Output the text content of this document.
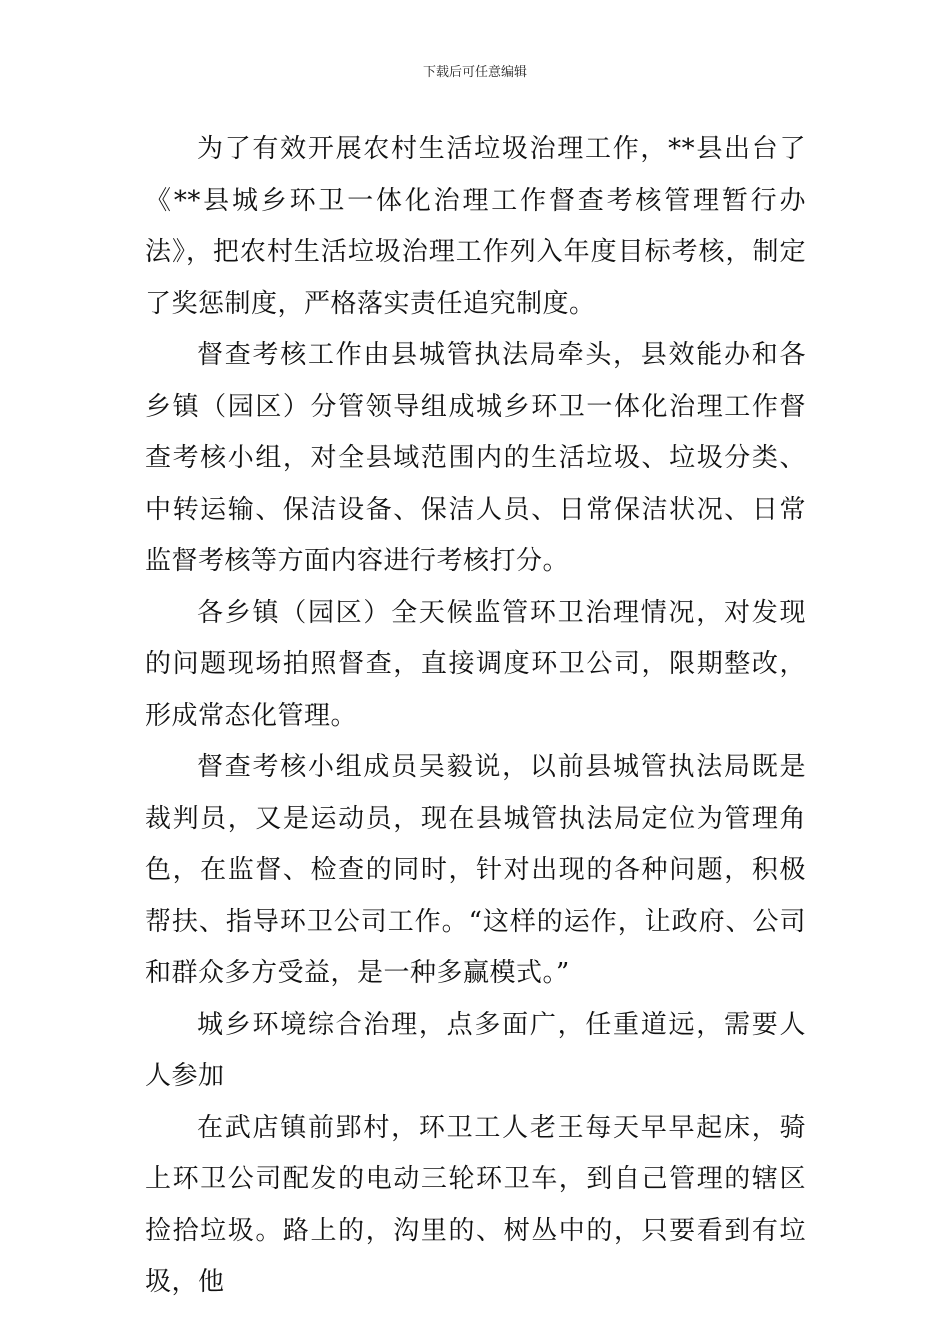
下载后可任意编辑

为了有效开展农村生活垃圾治理工作，**县出台了《**县城乡环卫一体化治理工作督查考核管理暂行办法》，把农村生活垃圾治理工作列入年度目标考核，制定了奖惩制度，严格落实责任追究制度。

督查考核工作由县城管执法局牵头，县效能办和各乡镇（园区）分管领导组成城乡环卫一体化治理工作督查考核小组，对全县域范围内的生活垃圾、垃圾分类、中转运输、保洁设备、保洁人员、日常保洁状况、日常监督考核等方面内容进行考核打分。

各乡镇（园区）全天候监管环卫治理情况，对发现的问题现场拍照督查，直接调度环卫公司，限期整改，形成常态化管理。

督查考核小组成员吴毅说，以前县城管执法局既是裁判员，又是运动员，现在县城管执法局定位为管理角色，在监督、检查的同时，针对出现的各种问题，积极帮扶、指导环卫公司工作。“这样的运作，让政府、公司和群众多方受益，是一种多赢模式。”

城乡环境综合治理，点多面广，任重道远，需要人人参加

在武店镇前郢村，环卫工人老王每天早早起床，骑上环卫公司配发的电动三轮环卫车，到自己管理的辖区捡拾垃圾。路上的，沟里的、树丛中的，只要看到有垃圾，他
